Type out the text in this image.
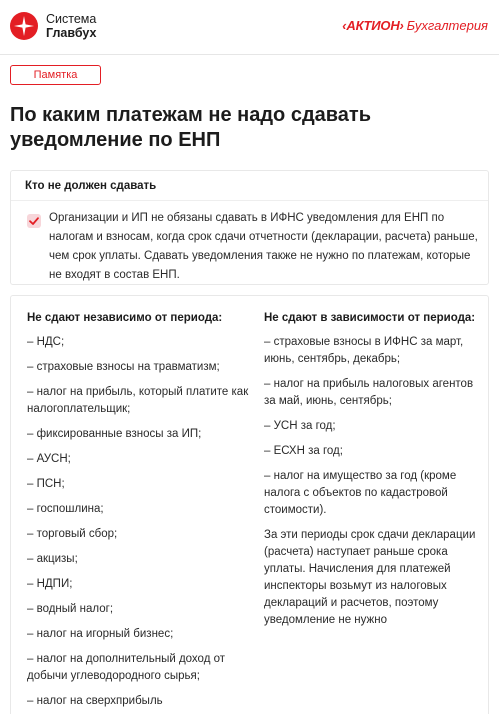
Система
Главбух	‹АКТИОН› Бухгалтерия
Памятка
По каким платежам не надо сдавать уведомление по ЕНП
Кто не должен сдавать
Организации и ИП не обязаны сдавать в ИФНС уведомления для ЕНП по налогам и взносам, когда срок сдачи отчетности (декларации, расчета) раньше, чем срок уплаты. Сдавать уведомления также не нужно по платежам, которые не входят в состав ЕНП.
Не сдают независимо от периода:
– НДС;
– страховые взносы на травматизм;
– налог на прибыль, который платите как налогоплательщик;
– фиксированные взносы за ИП;
– АУСН;
– ПСН;
– госпошлина;
– торговый сбор;
– акцизы;
– НДПИ;
– водный налог;
– налог на игорный бизнес;
– налог на дополнительный доход от добычи углеводородного сырья;
– налог на сверхприбыль
Не сдают в зависимости от периода:
– страховые взносы в ИФНС за март, июнь, сентябрь, декабрь;
– налог на прибыль налоговых агентов за май, июнь, сентябрь;
– УСН за год;
– ЕСХН за год;
– налог на имущество за год (кроме налога с объектов по кадастровой стоимости).
За эти периоды срок сдачи декларации (расчета) наступает раньше срока уплаты. Начисления для платежей инспекторы возьмут из налоговых деклараций и расчетов, поэтому уведомление не нужно
